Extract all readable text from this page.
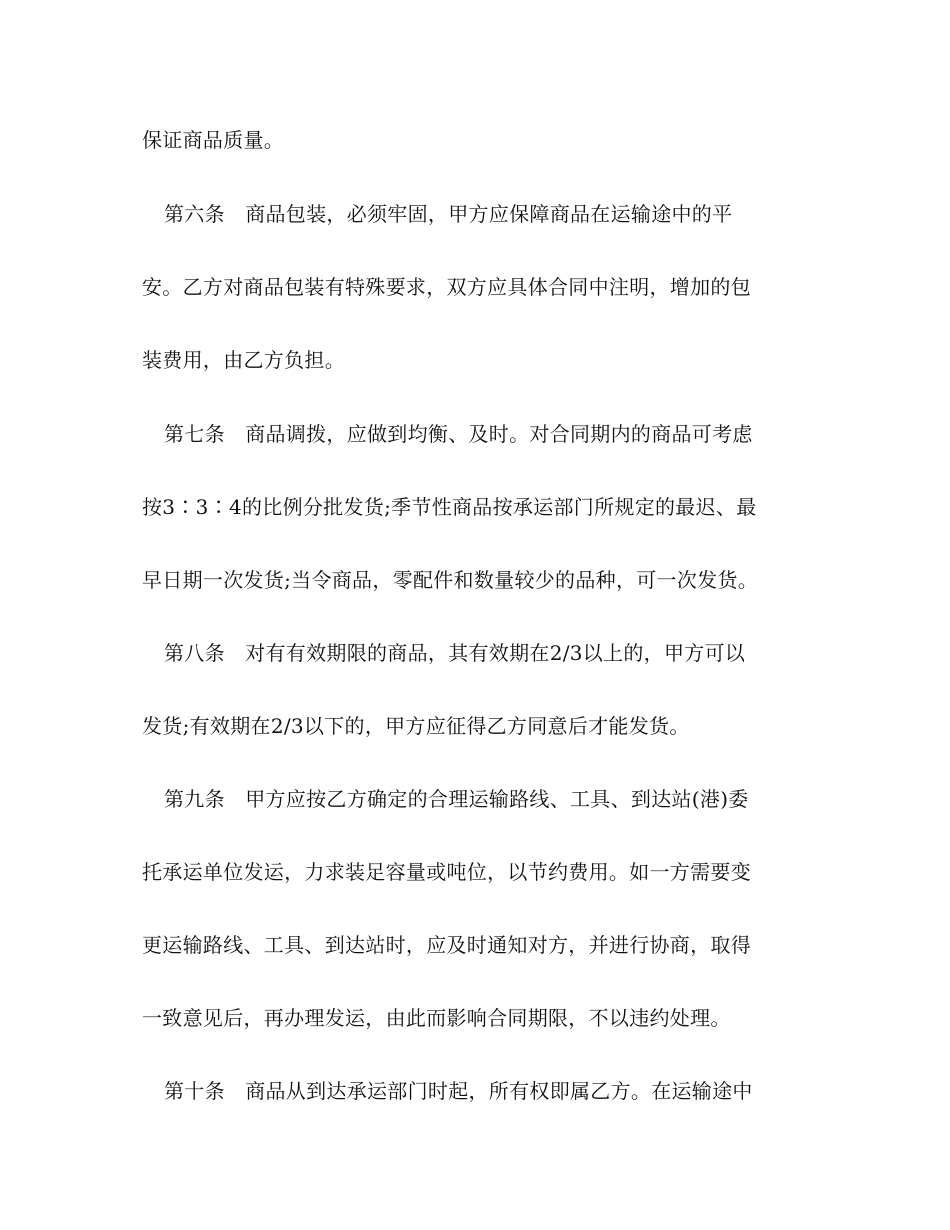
保证商品质量。
第六条　商品包装，必须牢固，甲方应保障商品在运输途中的平
安。乙方对商品包装有特殊要求，双方应具体合同中注明，增加的包
装费用，由乙方负担。
第七条　商品调拨，应做到均衡、及时。对合同期内的商品可考虑
按3∶3∶4的比例分批发货;季节性商品按承运部门所规定的最迟、最
早日期一次发货;当令商品，零配件和数量较少的品种，可一次发货。
第八条　对有有效期限的商品，其有效期在2/3以上的，甲方可以
发货;有效期在2/3以下的，甲方应征得乙方同意后才能发货。
第九条　甲方应按乙方确定的合理运输路线、工具、到达站(港)委
托承运单位发运，力求装足容量或吨位，以节约费用。如一方需要变
更运输路线、工具、到达站时，应及时通知对方，并进行协商，取得
一致意见后，再办理发运，由此而影响合同期限，不以违约处理。
第十条　商品从到达承运部门时起，所有权即属乙方。在运输途中
